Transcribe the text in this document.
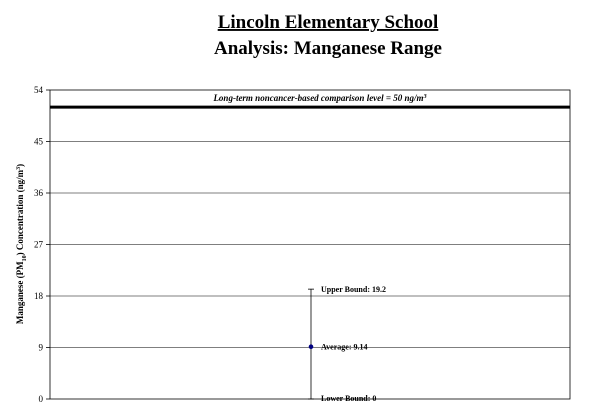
Lincoln Elementary School
Analysis: Manganese Range
0
9
18
27
36
45
54
Manganese $(PM_{10})$ Concentration $(ng/m^3)$
Long-term noncancer-based comparison level = 50 $ng/m^3$
Upper Bound: 19.2
Average: 9.14
Lower Bound: 0
